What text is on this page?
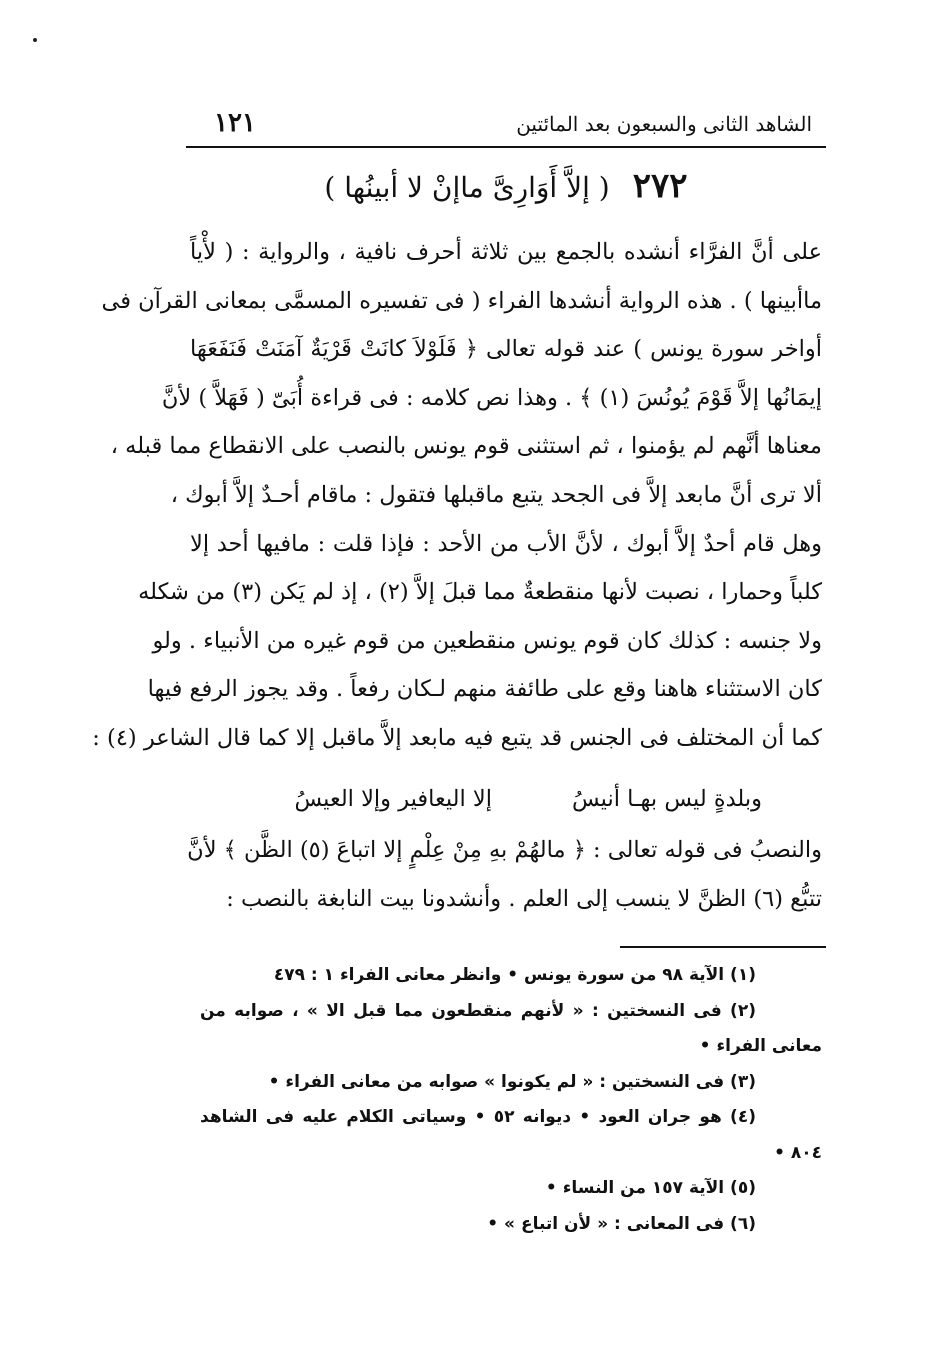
الشاهد الثانى والسبعون بعد المائتين
١٢١
٢٧٢ ( إلاَّ أَوَارِىَّ ماإنْ لا أبينُها )
على أنَّ الفرَّاء أنشده بالجمع بين ثلاثة أحرف نافية ، والرواية : ( لأْياً
ماأبينها ) . هذه الرواية أنشدها الفراء ( فى تفسيره المسمَّى بمعانى القرآن فى
أواخر سورة يونس ) عند قوله تعالى ﴿ فَلَوْلاَ كانَتْ قَرْيَةٌ آمَنَتْ فَنَفَعَهَا
إيمَانُها إلاَّ قَوْمَ يُونُسَ (١) ﴾ . وهذا نص كلامه : فى قراءة أُبَىّ ( فَهَلاَّ ) لأنَّ
معناها أنَّهم لم يؤمنوا ، ثم استثنى قوم يونس بالنصب على الانقطاع مما قبله ،
ألا ترى أنَّ مابعد إلاَّ فى الجحد يتبع ماقبلها فتقول : ماقام أحـدٌ إلاَّ أبوك ،
وهل قام أحدٌ إلاَّ أبوك ، لأنَّ الأب من الأحد : فإذا قلت : مافيها أحد إلا
كلباً وحمارا ، نصبت لأنها منقطعةٌ مما قبلَ إلاَّ (٢) ، إذ لم يَكن (٣) من شكله
ولا جنسه : كذلك كان قوم يونس منقطعين من قوم غيره من الأنبياء . ولو
كان الاستثناء هاهنا وقع على طائفة منهم لـكان رفعاً . وقد يجوز الرفع فيها
كما أن المختلف فى الجنس قد يتبع فيه مابعد إلاَّ ماقبل إلا كما قال الشاعر (٤) :
وبلدةٍ ليس بهـا أنيسُ
إلا اليعافير وإلا العيسُ
والنصبُ فى قوله تعالى : ﴿ مالهُمْ بهِ مِنْ عِلْمٍ إلا اتباعَ (٥) الظَّن ﴾ لأنَّ
تتبُّع (٦) الظنَّ لا ينسب إلى العلم . وأنشدونا بيت النابغة بالنصب :
(١) الآية ٩٨ من سورة يونس • وانظر معانى الفراء ١ : ٤٧٩
(٢) فى النسختين : « لأنهم منقطعون مما قبل الا » ، صوابه من
معانى الفراء •
(٣) فى النسختين : « لم يكونوا » صوابه من معانى الفراء •
(٤) هو جران العود • ديوانه ٥٢ • وسياتى الكلام عليه فى الشاهد
٨٠٤ •
(٥) الآية ١٥٧ من النساء •
(٦) فى المعانى : « لأن اتباع » •
